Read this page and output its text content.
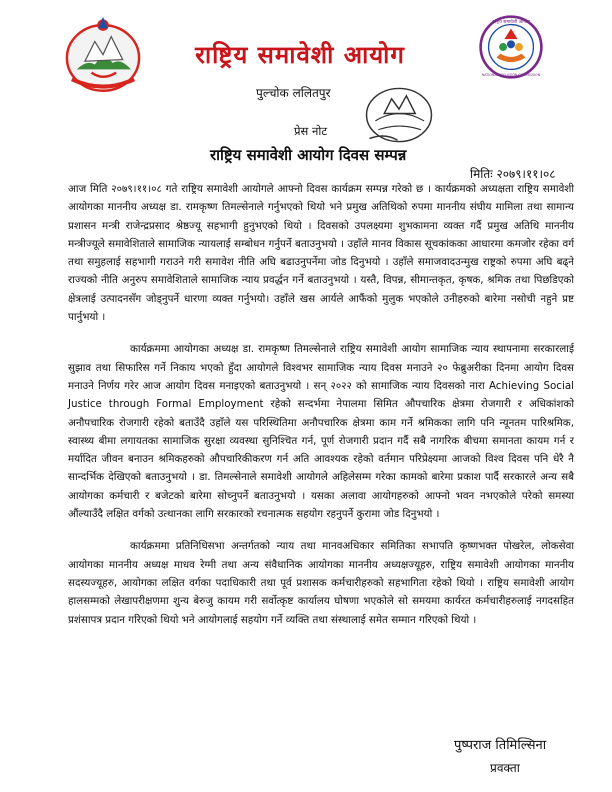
राष्ट्रिय समावेशी आयोग
पुल्चोक ललितपुर
राष्ट्रिय समावेशी आयोग
NATIONAL INCLUSION COMMISSION
प्रेस नोट
राष्ट्रिय समावेशी आयोग दिवस सम्पन्न
मितिः २०७९।११।०८

आज मिति २०७९।११।०८ गते राष्ट्रिय समावेशी आयोगले आफ्नो दिवस कार्यक्रम सम्पन्न गरेको छ । कार्यक्रमको अध्यक्षता राष्ट्रिय समावेशी आयोगका माननीय अध्यक्ष डा. रामकृष्ण तिमल्सेनाले गर्नुभएको थियो भने प्रमुख अतिथिको रुपमा माननीय संघीय मामिला तथा सामान्य प्रशासन मन्त्री राजेन्द्रप्रसाद श्रेष्ठज्यू सहभागी हुनुभएको थियो । दिवसको उपलक्ष्यमा शुभकामना व्यक्त गर्दै प्रमुख अतिथि माननीय मन्त्रीज्यूले समावेशिताले सामाजिक न्यायलाई सम्बोधन गर्नुपर्ने बताउनुभयो । उहाँले मानव विकास सूचकांकका आधारमा कमजोर रहेका वर्ग तथा समुहलाई सहभागी गराउने गरी समावेश नीति अघि बढाउनुपर्नेमा जोड दिनुभयो । उहाँले समाजवादउन्मुख राष्ट्रको रुपमा अघि बढ्ने राज्यको नीति अनुरुप समावेशिताले सामाजिक न्याय प्रवर्द्धन गर्ने बताउनुभयो । यस्तै, विपन्न, सीमान्तकृत, कृषक, श्रमिक तथा पिछडिएको क्षेत्रलाई उत्पादनसँग जोड्नुपर्ने धारणा व्यक्त गर्नुभयो। उहाँले खस आर्यले आफैंको मुलुक भएकोले उनीहरुको बारेमा नसोची नहुने प्रष्ट पार्नुभयो ।

कार्यक्रममा आयोगका अध्यक्ष डा. रामकृष्ण तिमल्सेनाले राष्ट्रिय समावेशी आयोग सामाजिक न्याय स्थापनामा सरकारलाई सुझाव तथा सिफारिस गर्ने निकाय भएको हुँदा आयोगले विश्वभर सामाजिक न्याय दिवस मनाउने २० फेब्रुअरीका दिनमा आयोग दिवस मनाउने निर्णय गरेर आज आयोग दिवस मनाइएको बताउनुभयो । सन् २०२२ को सामाजिक न्याय दिवसको नारा Achieving Social Justice through Formal Employment रहेको सन्दर्भमा नेपालमा सिमित औपचारिक क्षेत्रमा रोजगारी र अधिकांशको अनौपचारिक रोजगारी रहेको बताउँदै उहाँले यस परिस्थितिमा अनौपचारिक क्षेत्रमा काम गर्ने श्रमिकका लागि पनि न्यूनतम पारिश्रमिक, स्वास्थ्य बीमा लगायतका सामाजिक सुरक्षा व्यवस्था सुनिश्चित गर्न, पूर्ण रोजगारी प्रदान गर्दै सबै नागरिक बीचमा समानता कायम गर्न र मर्यादित जीवन बनाउन श्रमिकहरुको औपचारिकीकरण गर्न अति आवश्यक रहेको वर्तमान परिप्रेक्ष्यमा आजको विश्व दिवस पनि धेरै नै सान्दर्भिक देखिएको बताउनुभयो । डा. तिमल्सेनाले समावेशी आयोगले अहिलेसम्म गरेका कामको बारेमा प्रकाश पार्दै सरकारले अन्य सबै आयोगका कर्मचारी र बजेटको बारेमा सोच्नुपर्ने बताउनुभयो । यसका अलावा आयोगहरुको आफ्नो भवन नभएकोले परेको समस्या औंल्याउँदै लक्षित वर्गको उत्थानका लागि सरकारको रचनात्मक सहयोग रहनुपर्ने कुरामा जोड दिनुभयो ।

कार्यक्रममा प्रतिनिधिसभा अन्तर्गतको न्याय तथा मानवअधिकार समितिका सभापति कृष्णभक्त पोखरेल, लोकसेवा आयोगका माननीय अध्यक्ष माधव रेग्मी तथा अन्य संवैधानिक आयोगका माननीय अध्यक्षज्यूहरु, राष्ट्रिय समावेशी आयोगका माननीय सदस्यज्यूहरु, आयोगका लक्षित वर्गका पदाधिकारी तथा पूर्व प्रशासक कर्मचारीहरुको सहभागिता रहेको थियो । राष्ट्रिय समावेशी आयोग हालसम्मको लेखापरीक्षणमा शुन्य बेरुजु कायम गरी सर्वोत्कृष्ट कार्यालय घोषणा भएकोले सो समयमा कार्यरत कर्मचारीहरुलाई नगदसहित प्रशंसापत्र प्रदान गरिएको थियो भने आयोगलाई सहयोग गर्ने व्यक्ति तथा संस्थालाई समेत सम्मान गरिएको थियो ।

पुष्पराज तिमिल्सिना
प्रवक्ता
